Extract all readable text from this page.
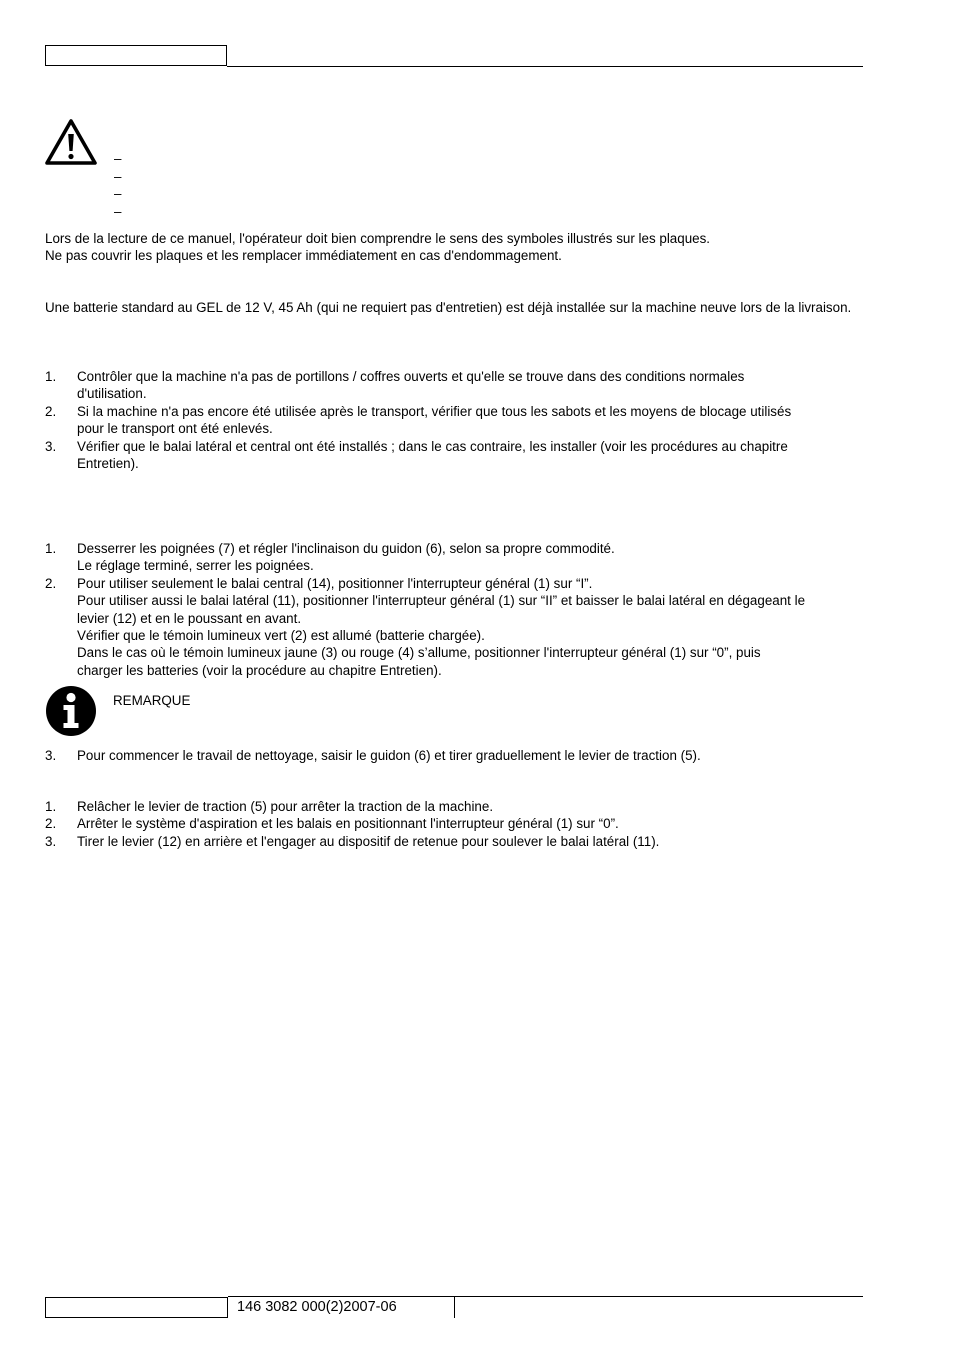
–
–
–
–
Lors de la lecture de ce manuel, l'opérateur doit bien comprendre le sens des symboles illustrés sur les plaques.
Ne pas couvrir les plaques et les remplacer immédiatement en cas d'endommagement.
Une batterie standard au GEL de 12 V, 45 Ah (qui ne requiert pas d'entretien) est déjà installée sur la machine neuve lors de la livraison.
1.	Contrôler que la machine n'a pas de portillons / coffres ouverts et qu'elle se trouve dans des conditions normales
d'utilisation.
2.	Si la machine n'a pas encore été utilisée après le transport, vérifier que tous les sabots et les moyens de blocage utilisés
pour le transport ont été enlevés.
3.	Vérifier que le balai latéral et central ont été installés ; dans le cas contraire, les installer (voir les procédures au chapitre
Entretien).
1.	Desserrer les poignées (7) et régler l'inclinaison du guidon (6), selon sa propre commodité.
Le réglage terminé, serrer les poignées.
2.	Pour utiliser seulement le balai central (14), positionner l'interrupteur général (1) sur “I”.
Pour utiliser aussi le balai latéral (11), positionner l'interrupteur général (1) sur “II” et baisser le balai latéral en dégageant le
levier (12) et en le poussant en avant.
Vérifier que le témoin lumineux vert (2) est allumé (batterie chargée).
Dans le cas où le témoin lumineux jaune (3) ou rouge (4) s’allume, positionner l'interrupteur général (1) sur “0”, puis
charger les batteries (voir la procédure au chapitre Entretien).
REMARQUE
3.	Pour commencer le travail de nettoyage, saisir le guidon (6) et tirer graduellement le levier de traction (5).
1.	Relâcher le levier de traction (5) pour arrêter la traction de la machine.
2.	Arrêter le système d'aspiration et les balais en positionnant l'interrupteur général (1) sur “0”.
3.	Tirer le levier (12) en arrière et l'engager au dispositif de retenue pour soulever le balai latéral (11).
146 3082 000(2)2007-06
